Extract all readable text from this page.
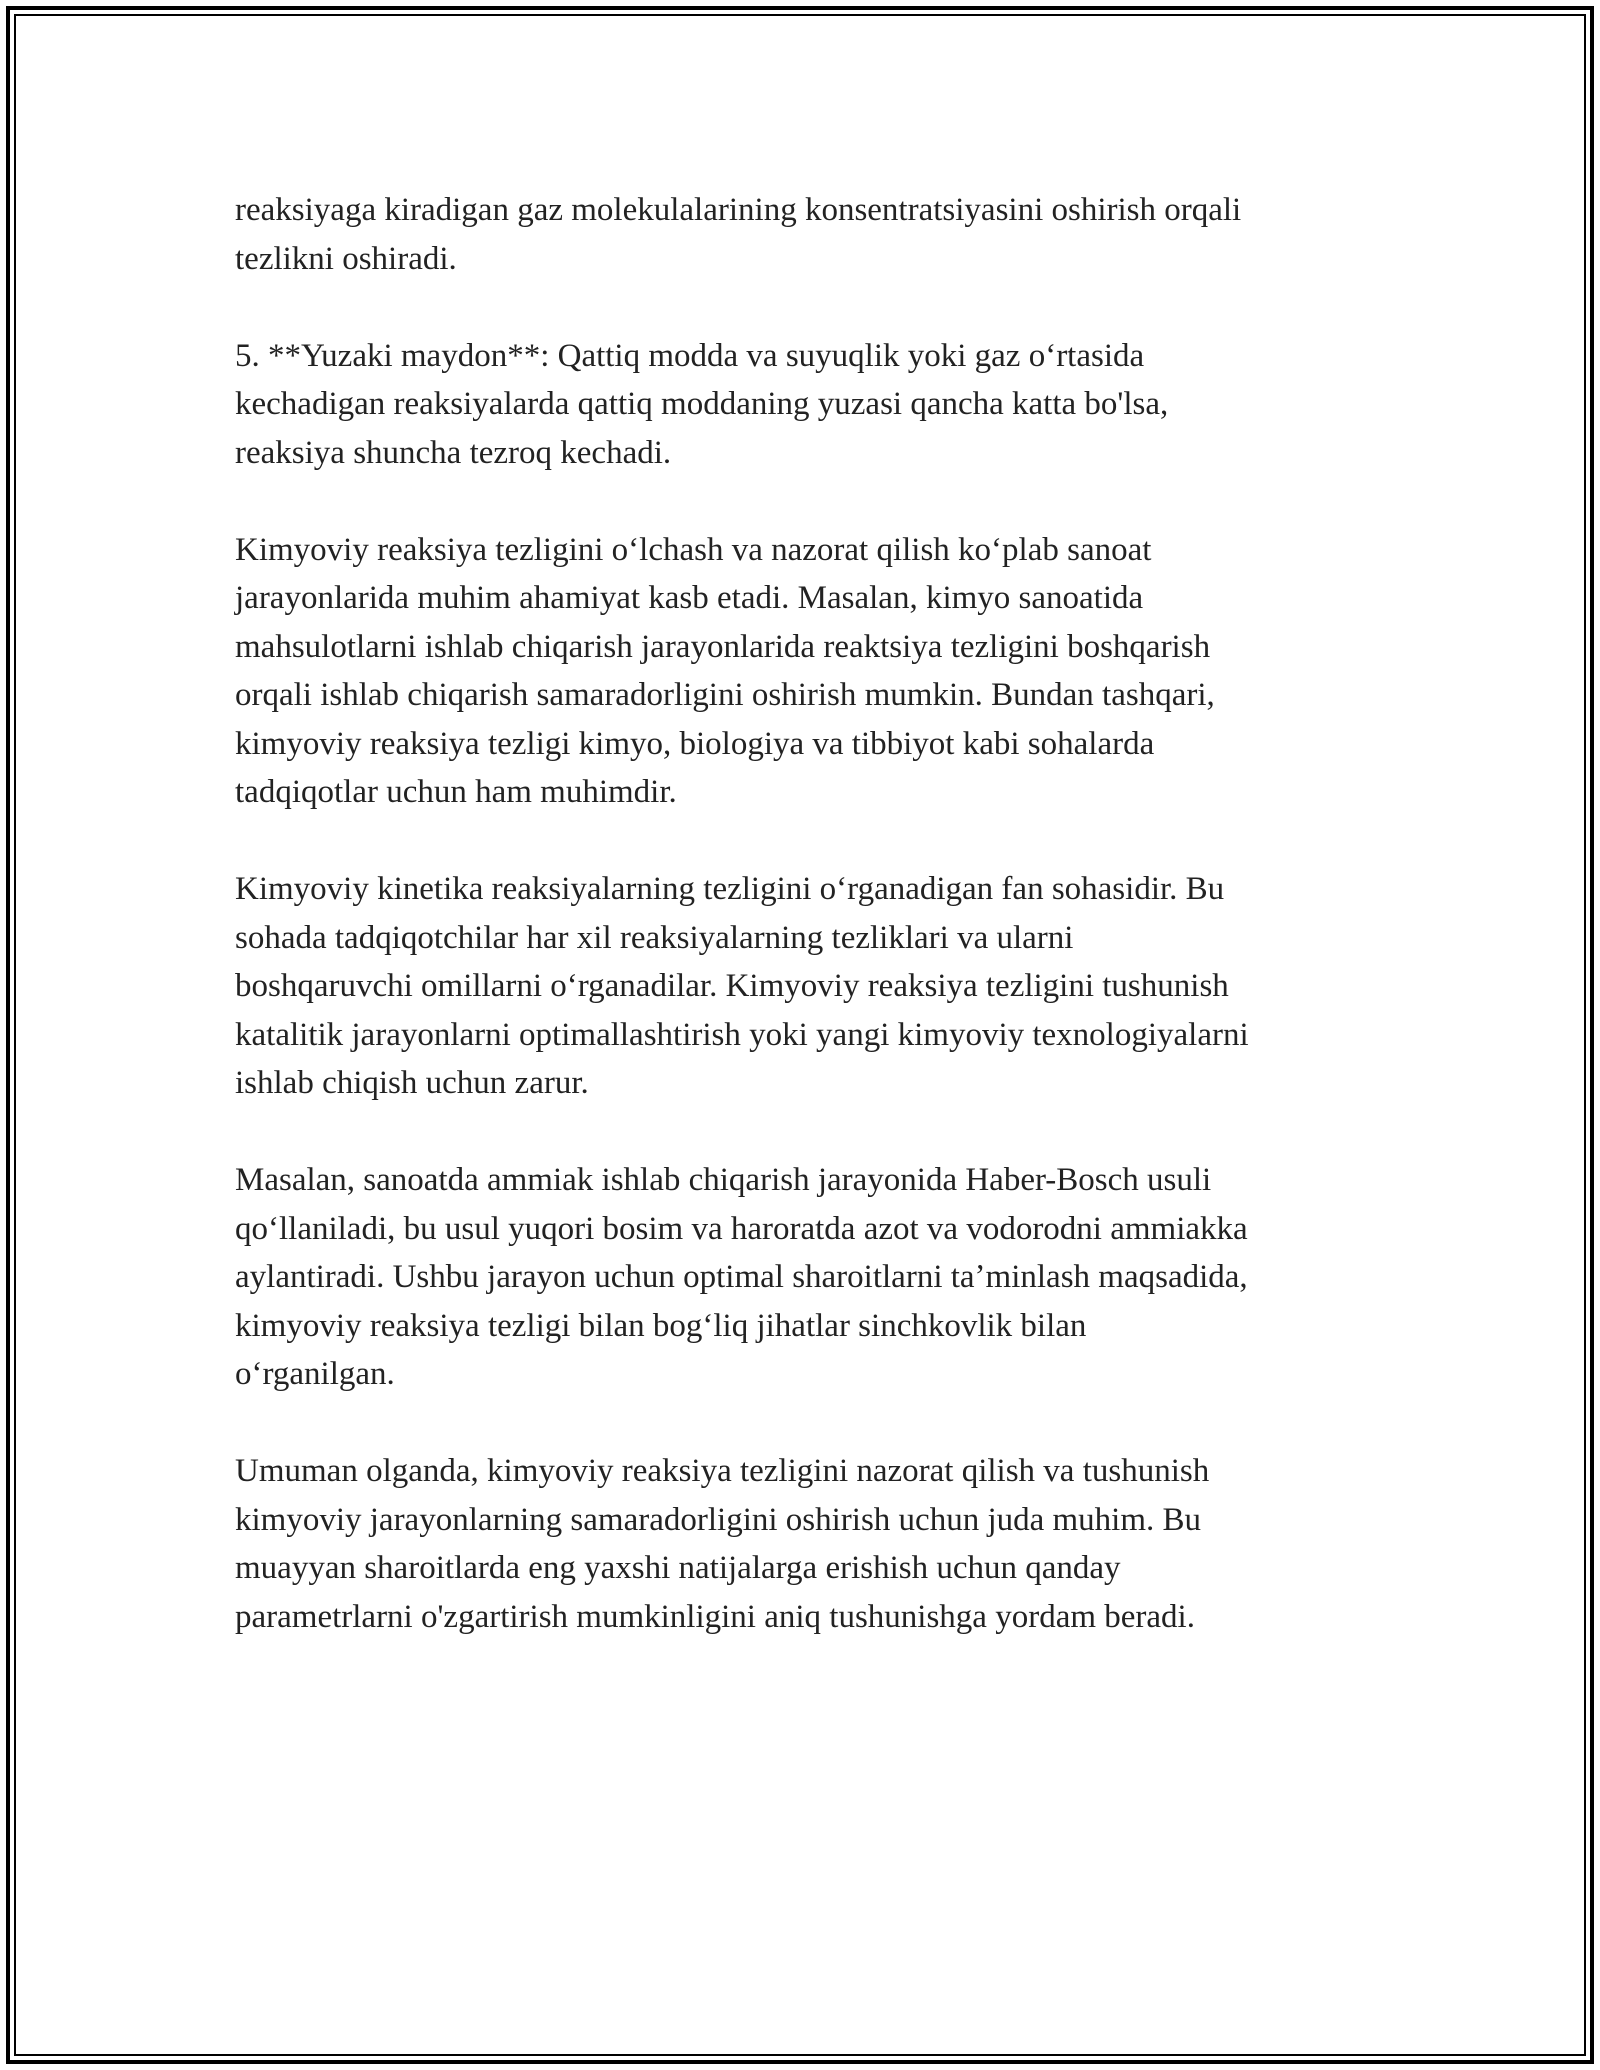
reaksiyaga kiradigan gaz molekulalarining konsentratsiyasini oshirish orqali
tezlikni oshiradi.

5. **Yuzaki maydon**: Qattiq modda va suyuqlik yoki gaz oʻrtasida
kechadigan reaksiyalarda qattiq moddaning yuzasi qancha katta bo'lsa,
reaksiya shuncha tezroq kechadi.

Kimyoviy reaksiya tezligini oʻlchash va nazorat qilish koʻplab sanoat
jarayonlarida muhim ahamiyat kasb etadi. Masalan, kimyo sanoatida
mahsulotlarni ishlab chiqarish jarayonlarida reaktsiya tezligini boshqarish
orqali ishlab chiqarish samaradorligini oshirish mumkin. Bundan tashqari,
kimyoviy reaksiya tezligi kimyo, biologiya va tibbiyot kabi sohalarda
tadqiqotlar uchun ham muhimdir.

Kimyoviy kinetika reaksiyalarning tezligini oʻrganadigan fan sohasidir. Bu
sohada tadqiqotchilar har xil reaksiyalarning tezliklari va ularni
boshqaruvchi omillarni oʻrganadilar. Kimyoviy reaksiya tezligini tushunish
katalitik jarayonlarni optimallashtirish yoki yangi kimyoviy texnologiyalarni
ishlab chiqish uchun zarur.

Masalan, sanoatda ammiak ishlab chiqarish jarayonida Haber-Bosch usuli
qoʻllaniladi, bu usul yuqori bosim va haroratda azot va vodorodni ammiakka
aylantiradi. Ushbu jarayon uchun optimal sharoitlarni taʼminlash maqsadida,
kimyoviy reaksiya tezligi bilan bogʻliq jihatlar sinchkovlik bilan
oʻrganilgan.

Umuman olganda, kimyoviy reaksiya tezligini nazorat qilish va tushunish
kimyoviy jarayonlarning samaradorligini oshirish uchun juda muhim. Bu
muayyan sharoitlarda eng yaxshi natijalarga erishish uchun qanday
parametrlarni o'zgartirish mumkinligini aniq tushunishga yordam beradi.
